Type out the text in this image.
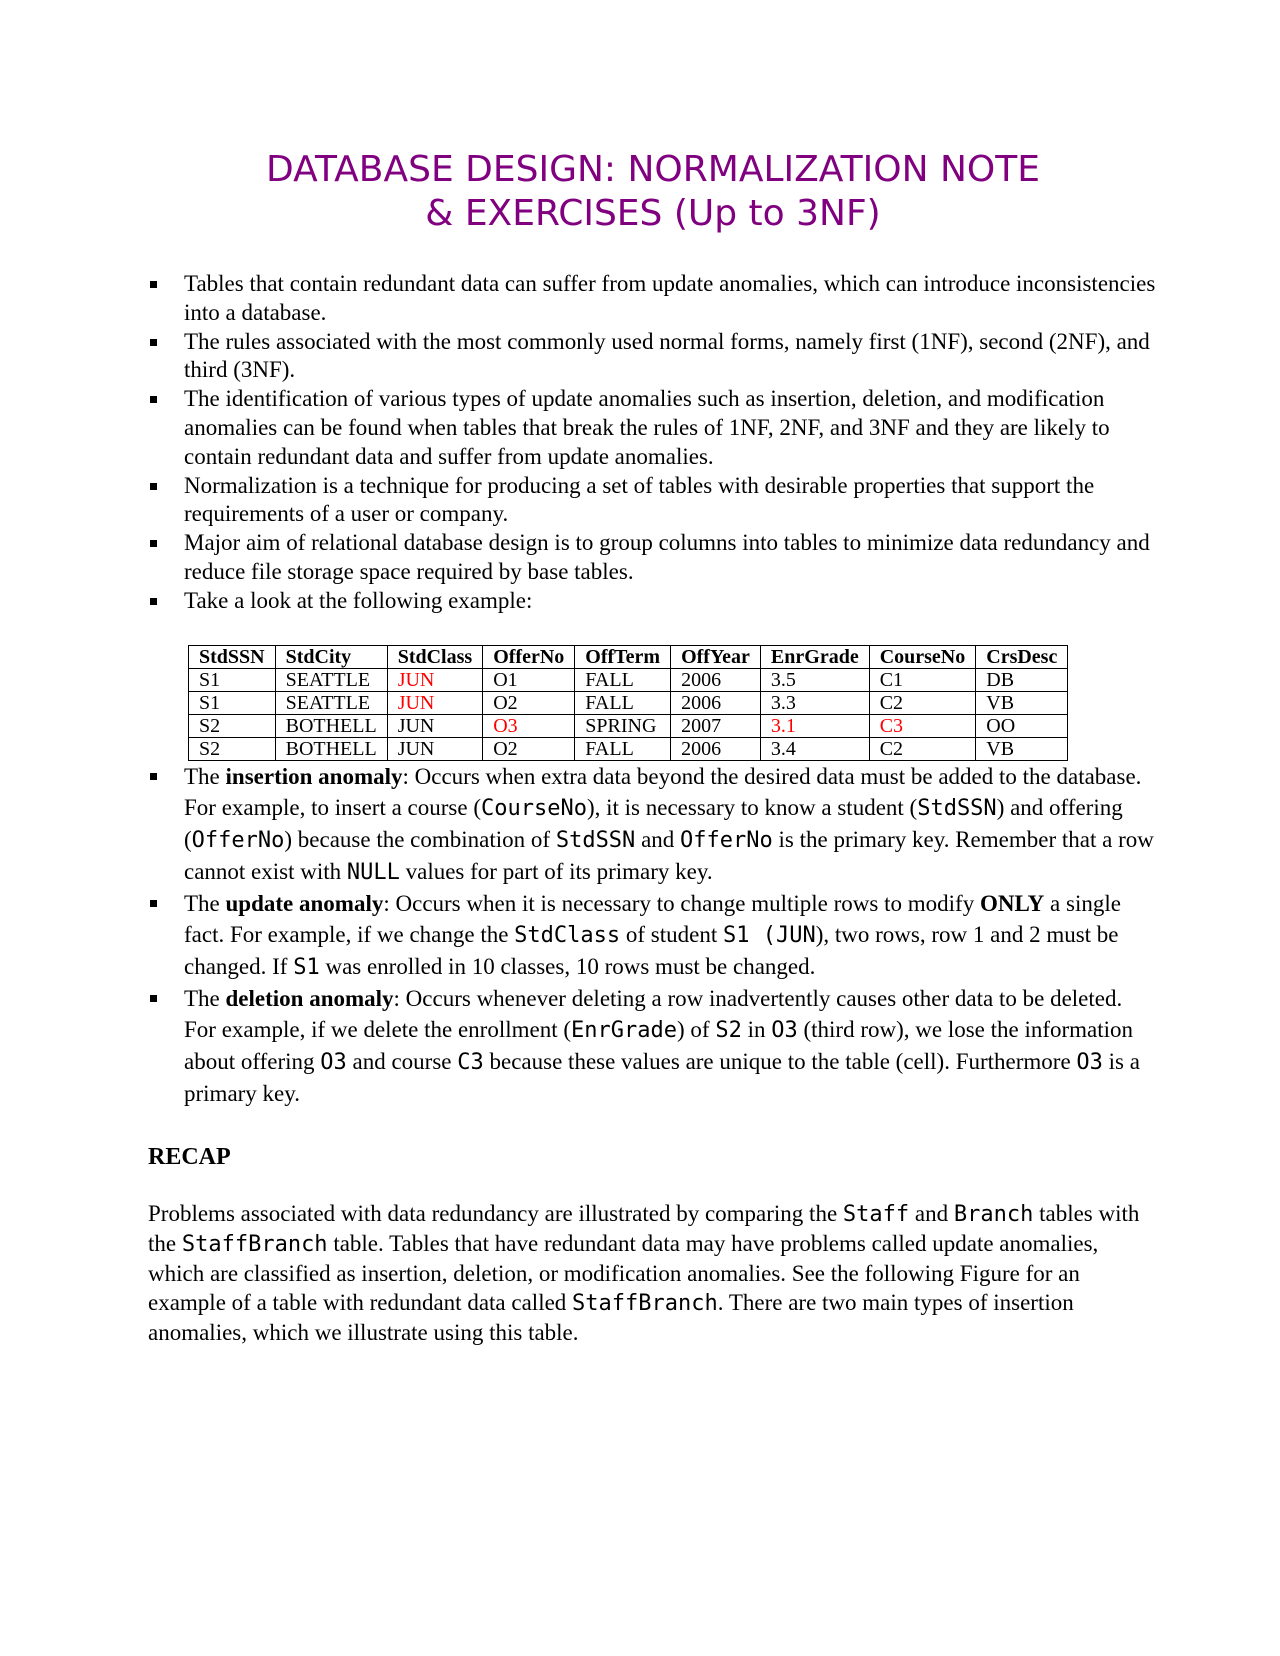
DATABASE DESIGN: NORMALIZATION NOTE
& EXERCISES (Up to 3NF)
Tables that contain redundant data can suffer from update anomalies, which can introduce inconsistencies into a database.
The rules associated with the most commonly used normal forms, namely first (1NF), second (2NF), and third (3NF).
The identification of various types of update anomalies such as insertion, deletion, and modification anomalies can be found when tables that break the rules of 1NF, 2NF, and 3NF and they are likely to contain redundant data and suffer from update anomalies.
Normalization is a technique for producing a set of tables with desirable properties that support the requirements of a user or company.
Major aim of relational database design is to group columns into tables to minimize data redundancy and reduce file storage space required by base tables.
Take a look at the following example:
StdSSN	StdCity	StdClass	OfferNo	OffTerm	OffYear	EnrGrade	CourseNo	CrsDesc
S1	SEATTLE	JUN	O1	FALL	2006	3.5	C1	DB
S1	SEATTLE	JUN	O2	FALL	2006	3.3	C2	VB
S2	BOTHELL	JUN	O3	SPRING	2007	3.1	C3	OO
S2	BOTHELL	JUN	O2	FALL	2006	3.4	C2	VB
The insertion anomaly: Occurs when extra data beyond the desired data must be added to the database. For example, to insert a course (CourseNo), it is necessary to know a student (StdSSN) and offering (OfferNo) because the combination of StdSSN and OfferNo is the primary key. Remember that a row cannot exist with NULL values for part of its primary key.
The update anomaly: Occurs when it is necessary to change multiple rows to modify ONLY a single fact. For example, if we change the StdClass of student S1 (JUN), two rows, row 1 and 2 must be changed. If S1 was enrolled in 10 classes, 10 rows must be changed.
The deletion anomaly: Occurs whenever deleting a row inadvertently causes other data to be deleted. For example, if we delete the enrollment (EnrGrade) of S2 in O3 (third row), we lose the information about offering O3 and course C3 because these values are unique to the table (cell). Furthermore O3 is a primary key.
RECAP

Problems associated with data redundancy are illustrated by comparing the Staff and Branch tables with the StaffBranch table. Tables that have redundant data may have problems called update anomalies, which are classified as insertion, deletion, or modification anomalies. See the following Figure for an example of a table with redundant data called StaffBranch. There are two main types of insertion anomalies, which we illustrate using this table.
